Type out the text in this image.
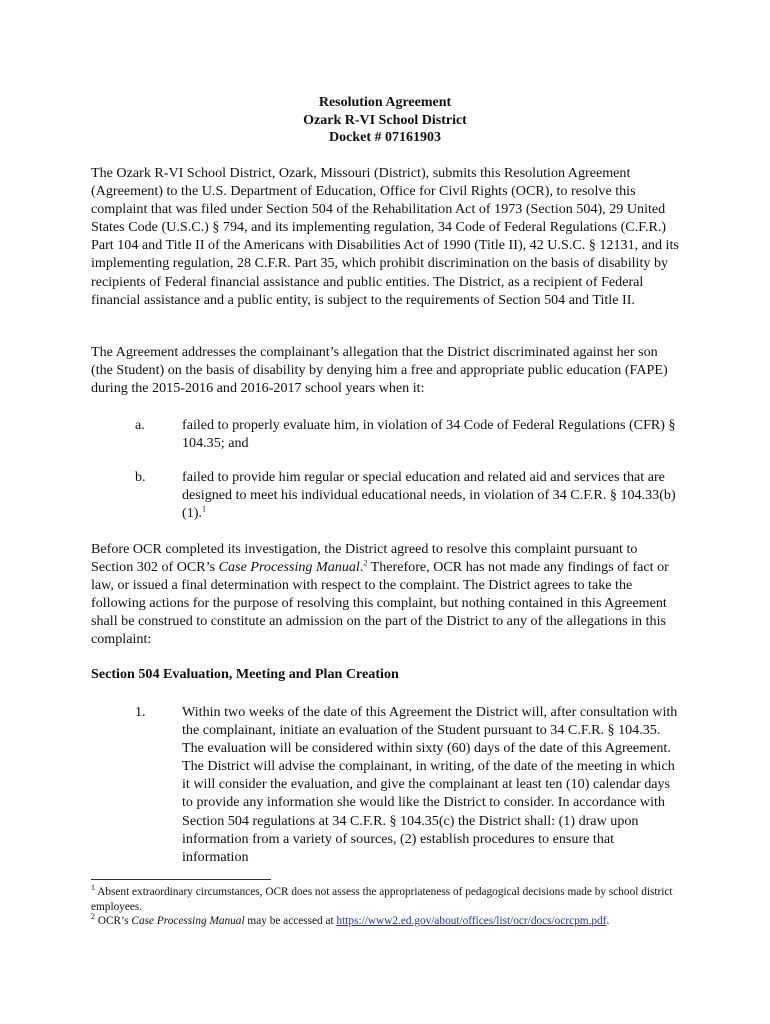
Resolution Agreement
Ozark R-VI School District
Docket # 07161903

The Ozark R-VI School District, Ozark, Missouri (District), submits this Resolution Agreement (Agreement) to the U.S. Department of Education, Office for Civil Rights (OCR), to resolve this complaint that was filed under Section 504 of the Rehabilitation Act of 1973 (Section 504), 29 United States Code (U.S.C.) § 794, and its implementing regulation, 34 Code of Federal Regulations (C.F.R.) Part 104 and Title II of the Americans with Disabilities Act of 1990 (Title II), 42 U.S.C. § 12131, and its implementing regulation, 28 C.F.R. Part 35, which prohibit discrimination on the basis of disability by recipients of Federal financial assistance and public entities. The District, as a recipient of Federal financial assistance and a public entity, is subject to the requirements of Section 504 and Title II.

The Agreement addresses the complainant’s allegation that the District discriminated against her son (the Student) on the basis of disability by denying him a free and appropriate public education (FAPE) during the 2015-2016 and 2016-2017 school years when it:

a.	failed to properly evaluate him, in violation of 34 Code of Federal Regulations (CFR) § 104.35; and
b.	failed to provide him regular or special education and related aid and services that are designed to meet his individual educational needs, in violation of 34 C.F.R. § 104.33(b)(1).$^1$

Before OCR completed its investigation, the District agreed to resolve this complaint pursuant to Section 302 of OCR’s Case Processing Manual.$^2$ Therefore, OCR has not made any findings of fact or law, or issued a final determination with respect to the complaint. The District agrees to take the following actions for the purpose of resolving this complaint, but nothing contained in this Agreement shall be construed to constitute an admission on the part of the District to any of the allegations in this complaint:

Section 504 Evaluation, Meeting and Plan Creation
1.	Within two weeks of the date of this Agreement the District will, after consultation with the complainant, initiate an evaluation of the Student pursuant to 34 C.F.R. § 104.35. The evaluation will be considered within sixty (60) days of the date of this Agreement. The District will advise the complainant, in writing, of the date of the meeting in which it will consider the evaluation, and give the complainant at least ten (10) calendar days to provide any information she would like the District to consider. In accordance with Section 504 regulations at 34 C.F.R. § 104.35(c) the District shall: (1) draw upon information from a variety of sources, (2) establish procedures to ensure that information
$^1$ Absent extraordinary circumstances, OCR does not assess the appropriateness of pedagogical decisions made by school district employees.
$^2$ OCR’s Case Processing Manual may be accessed at https://www2.ed.gov/about/offices/list/ocr/docs/ocrcpm.pdf.
